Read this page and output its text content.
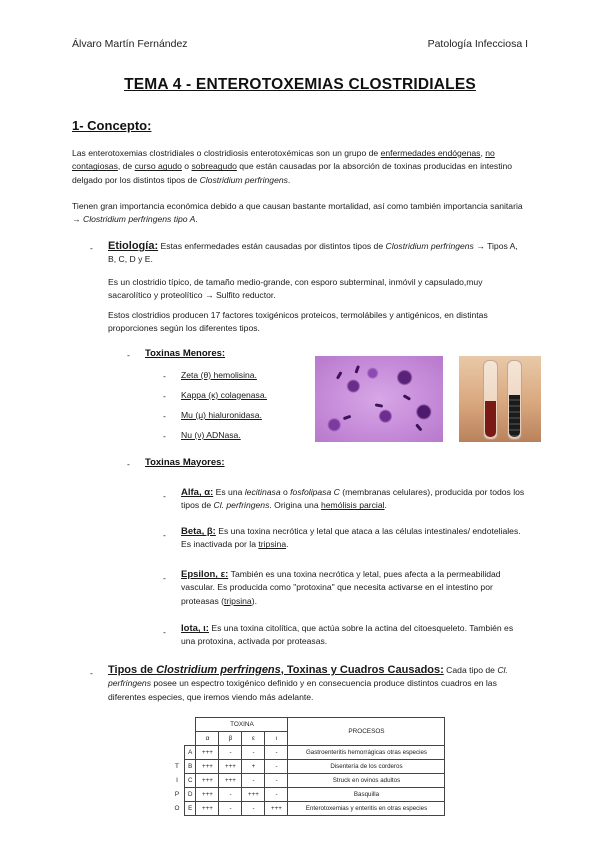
Álvaro Martín Fernández	Patología Infecciosa I
TEMA 4 - ENTEROTOXEMIAS CLOSTRIDIALES
1- Concepto:
Las enterotoxemias clostridiales o clostridiosis enterotoxémicas son un grupo de enfermedades endógenas, no contagiosas, de curso agudo o sobreagudo que están causadas por la absorción de toxinas producidas en intestino delgado por los distintos tipos de Clostridium perfringens.
Tienen gran importancia económica debido a que causan bastante mortalidad, así como también importancia sanitaria → Clostridium perfringens tipo A.
- Etiología: Estas enfermedades están causadas por distintos tipos de Clostridium perfringens → Tipos A, B, C, D y E.
Es un clostridio típico, de tamaño medio-grande, con esporo subterminal, inmóvil y capsulado,muy sacarolítico y proteolítico → Sulfito reductor.
Estos clostridios producen 17 factores toxigénicos proteicos, termolábiles y antigénicos, en distintas proporciones según los diferentes tipos.
- Toxinas Menores:
- Zeta (θ) hemolisina.
- Kappa (κ) colagenasa.
- Mu (μ) hialuronidasa.
- Nu (ν) ADNasa.
- Toxinas Mayores:
- Alfa, α: Es una lecitinasa o fosfolipasa C (membranas celulares), producida por todos los tipos de Cl. perfringens. Origina una hemólisis parcial.
- Beta, β: Es una toxina necrótica y letal que ataca a las células intestinales/ endoteliales. Es inactivada por la tripsina.
- Epsilon, ε: También es una toxina necrótica y letal, pues afecta a la permeabilidad vascular. Es producida como "protoxina" que necesita activarse en el intestino por proteasas (tripsina).
- Iota, ι: Es una toxina citolítica, que actúa sobre la actina del citoesqueleto. También es una protoxina, activada por proteasas.
- Tipos de Clostridium perfringens, Toxinas y Cuadros Causados: Cada tipo de Cl. perfringens posee un espectro toxigénico definido y en consecuencia produce distintos cuadros en las diferentes especies, que iremos viendo más adelante.
		TOXINA				PROCESOS
		α	β	ε	ι	
	A	+++	-	-	-	Gastroenteritis hemorrágicas otras especies
T	B	+++	+++	+	-	Disentería de los corderos
I	C	+++	+++	-	-	Struck en ovinos adultos
P	D	+++	-	+++	-	Basquilla
O	E	+++	-	-	+++	Enterotoxemias y enteritis en otras especies
